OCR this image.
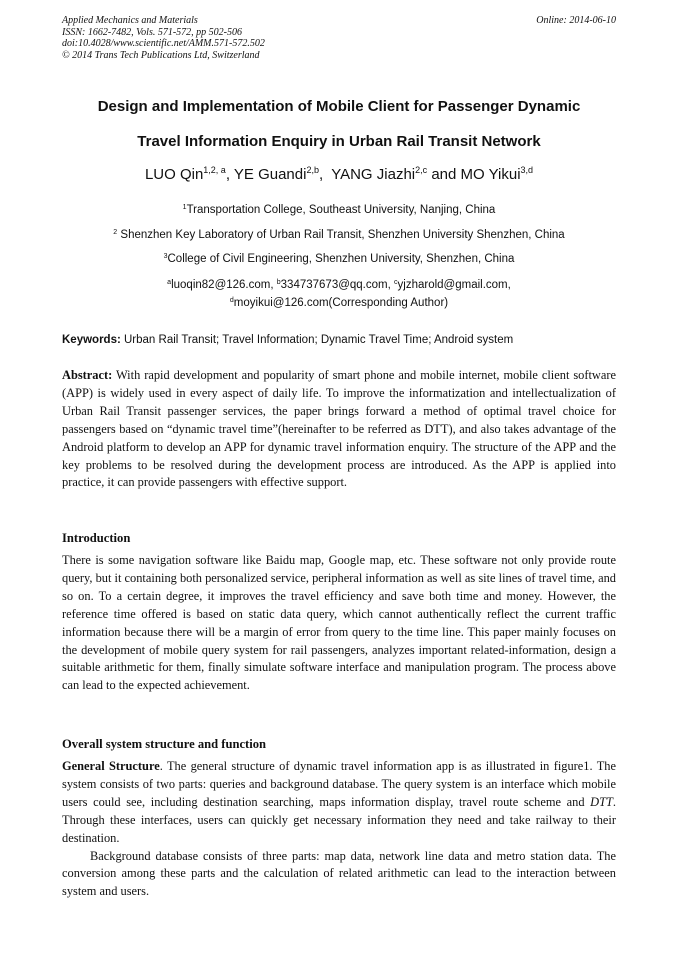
Applied Mechanics and Materials
ISSN: 1662-7482, Vols. 571-572, pp 502-506
doi:10.4028/www.scientific.net/AMM.571-572.502
© 2014 Trans Tech Publications Ltd, Switzerland
Online: 2014-06-10
Design and Implementation of Mobile Client for Passenger Dynamic
Travel Information Enquiry in Urban Rail Transit Network
LUO Qin$^{1,2, a}$, YE Guandi$^{2,b}$,  YANG Jiazhi$^{2,c}$ and MO Yikui$^{3,d}$
$^1$Transportation College, Southeast University, Nanjing, China
$^2$ Shenzhen Key Laboratory of Urban Rail Transit, Shenzhen University Shenzhen, China
$^3$College of Civil Engineering, Shenzhen University, Shenzhen, China
$^a$luoqin82@126.com, $^b$334737673@qq.com, $^c$yjzharold@gmail.com,
$^d$moyikui@126.com(Corresponding Author)
Keywords: Urban Rail Transit; Travel Information; Dynamic Travel Time; Android system

Abstract: With rapid development and popularity of smart phone and mobile internet, mobile client software (APP) is widely used in every aspect of daily life. To improve the informatization and intellectualization of Urban Rail Transit passenger services, the paper brings forward a method of optimal travel choice for passengers based on “dynamic travel time”(hereinafter to be referred as DTT), and also takes advantage of the Android platform to develop an APP for dynamic travel information enquiry. The structure of the APP and the key problems to be resolved during the development process are introduced. As the APP is applied into practice, it can provide passengers with effective support.

Introduction

There is some navigation software like Baidu map, Google map, etc. These software not only provide route query, but it containing both personalized service, peripheral information as well as site lines of travel time, and so on. To a certain degree, it improves the travel efficiency and save both time and money. However, the reference time offered is based on static data query, which cannot authentically reflect the current traffic information because there will be a margin of error from query to the time line. This paper mainly focuses on the development of mobile query system for rail passengers, analyzes important related-information, design a suitable arithmetic for them, finally simulate software interface and manipulation program. The process above can lead to the expected achievement.

Overall system structure and function

General Structure. The general structure of dynamic travel information app is as illustrated in figure1. The system consists of two parts: queries and background database. The query system is an interface which mobile users could see, including destination searching, maps information display, travel route scheme and DTT. Through these interfaces, users can quickly get necessary information they need and take railway to their destination.

Background database consists of three parts: map data, network line data and metro station data. The conversion among these parts and the calculation of related arithmetic can lead to the interaction between system and users.
